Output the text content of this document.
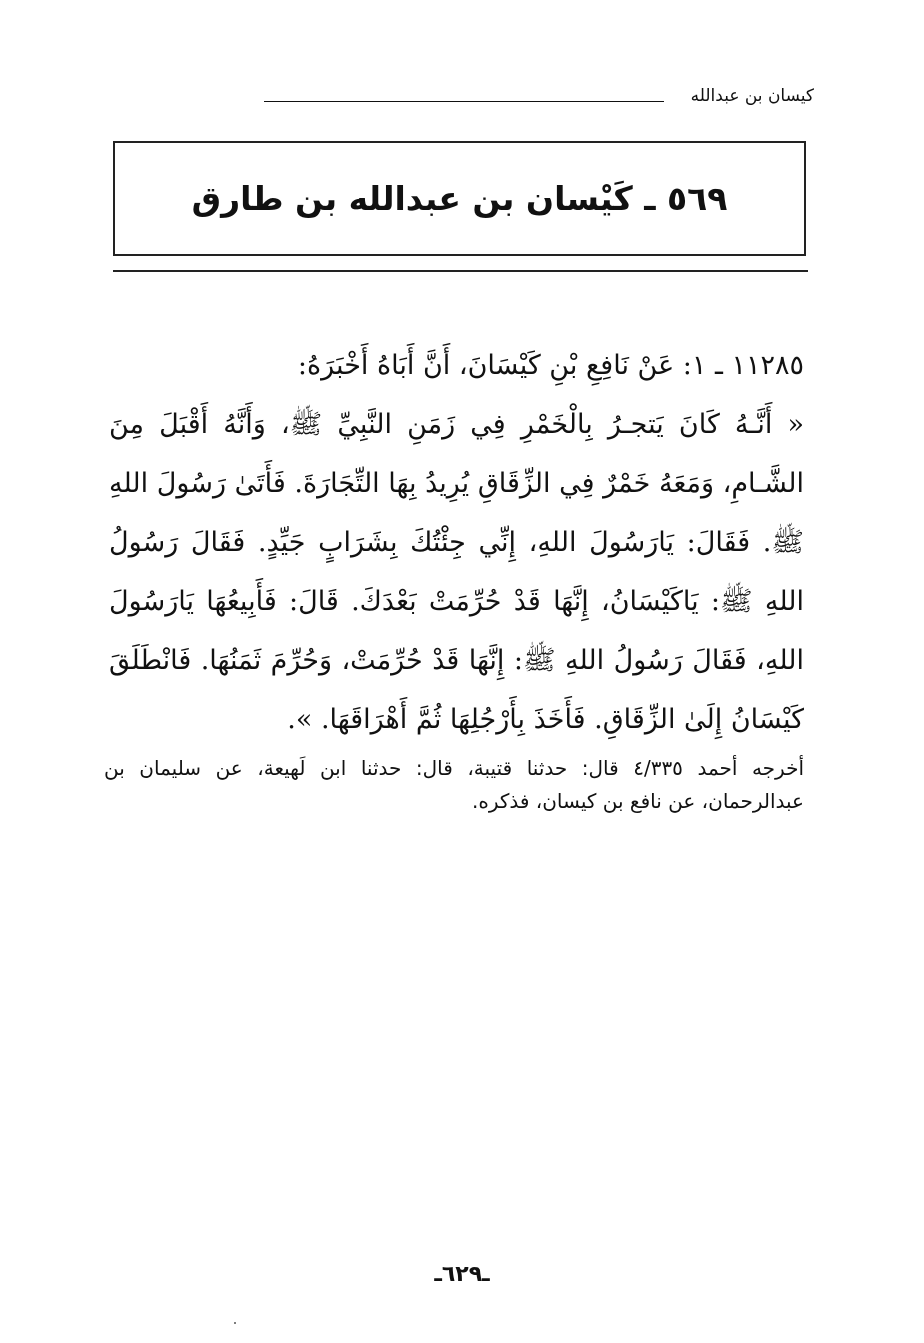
كيسان بن عبدالله
٥٦٩ ـ كَيْسان بن عبدالله بن طارق

١١٢٨٥ ـ ١: عَنْ نَافِعِ بْنِ كَيْسَانَ، أَنَّ أَبَاهُ أَخْبَرَهُ:

« أَنَّـهُ كَانَ يَتجـرُ بِالْخَمْرِ فِي زَمَنِ النَّبِيِّ ﷺ، وَأَنَّهُ أَقْبَلَ مِنَ الشَّـامِ، وَمَعَهُ خَمْرٌ فِي الزِّقَاقِ يُرِيدُ بِهَا التِّجَارَةَ. فَأَتَىٰ رَسُولَ اللهِ ﷺ. فَقَالَ: يَارَسُولَ اللهِ، إِنِّي جِئْتُكَ بِشَرَابٍ جَيِّدٍ. فَقَالَ رَسُولُ اللهِ ﷺ: يَاكَيْسَانُ، إِنَّهَا قَدْ حُرِّمَتْ بَعْدَكَ. قَالَ: فَأَبِيعُهَا يَارَسُولَ اللهِ، فَقَالَ رَسُولُ اللهِ ﷺ: إِنَّهَا قَدْ حُرِّمَتْ، وَحُرِّمَ ثَمَنُهَا. فَانْطَلَقَ كَيْسَانُ إِلَىٰ الزِّقَاقِ. فَأَخَذَ بِأَرْجُلِهَا ثُمَّ أَهْرَاقَهَا. ».

أخرجه أحمد ٤/٣٣٥ قال: حدثنا قتيبة، قال: حدثنا ابن لَهيعة، عن سليمان بن عبدالرحمان، عن نافع بن كيسان، فذكره.

ـ٦٢٩ـ
